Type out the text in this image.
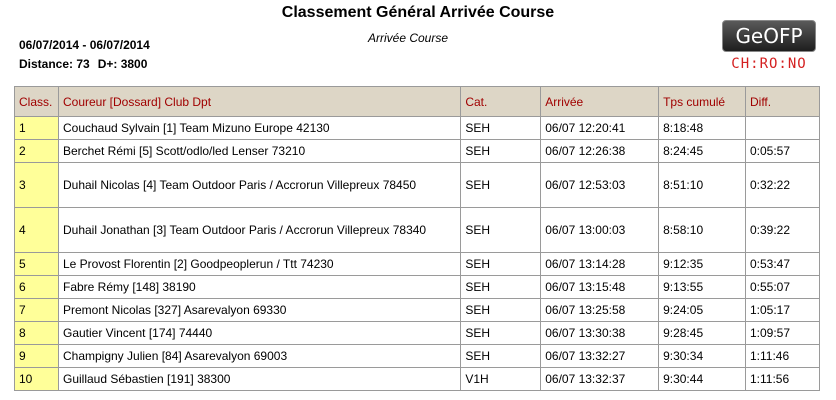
Classement Général Arrivée Course
Arrivée Course
06/07/2014 - 06/07/2014
Distance: 73 D+: 3800
GeOFP
CH:RO:NO
Class.	Coureur [Dossard] Club Dpt	Cat.	Arrivée	Tps cumulé	Diff.
1	Couchaud Sylvain [1] Team Mizuno Europe 42130	SEH	06/07 12:20:41	8:18:48	
2	Berchet Rémi [5] Scott/odlo/led Lenser 73210	SEH	06/07 12:26:38	8:24:45	0:05:57
3	Duhail Nicolas [4] Team Outdoor Paris / Accrorun Villepreux 78450	SEH	06/07 12:53:03	8:51:10	0:32:22
4	Duhail Jonathan [3] Team Outdoor Paris / Accrorun Villepreux 78340	SEH	06/07 13:00:03	8:58:10	0:39:22
5	Le Provost Florentin [2] Goodpeoplerun / Ttt 74230	SEH	06/07 13:14:28	9:12:35	0:53:47
6	Fabre Rémy [148] 38190	SEH	06/07 13:15:48	9:13:55	0:55:07
7	Premont Nicolas [327] Asarevalyon 69330	SEH	06/07 13:25:58	9:24:05	1:05:17
8	Gautier Vincent [174] 74440	SEH	06/07 13:30:38	9:28:45	1:09:57
9	Champigny Julien [84] Asarevalyon 69003	SEH	06/07 13:32:27	9:30:34	1:11:46
10	Guillaud Sébastien [191] 38300	V1H	06/07 13:32:37	9:30:44	1:11:56
